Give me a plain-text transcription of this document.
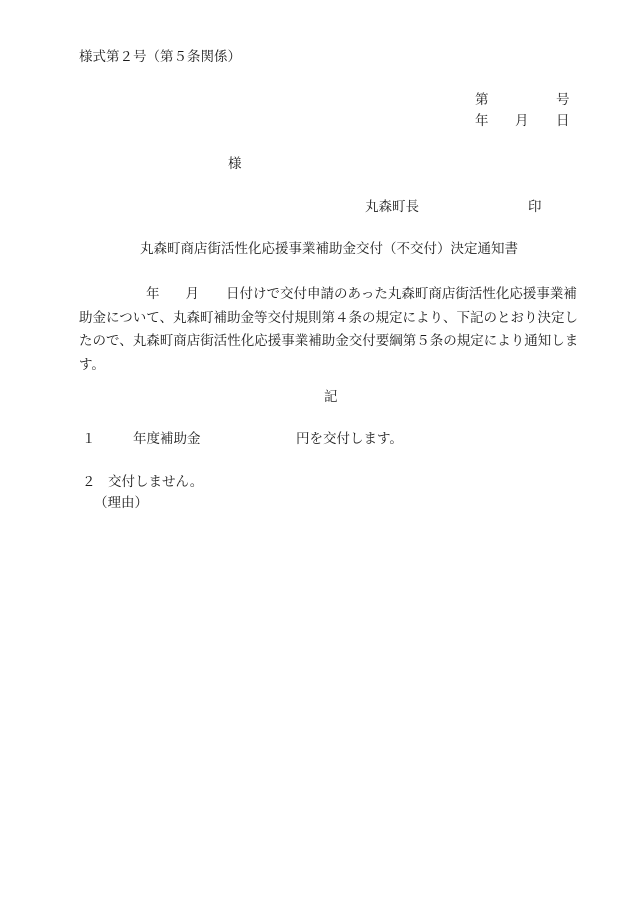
様式第２号（第５条関係）
第	号
年 月 日
様
丸森町長	印
丸森町商店街活性化応援事業補助金交付（不交付）決定通知書
年 月 日付けで交付申請のあった丸森町商店街活性化応援事業補
助金について、丸森町補助金等交付規則第４条の規定により、下記のとおり決定し
たので、丸森町商店街活性化応援事業補助金交付要綱第５条の規定により通知しま
す。
記
１	年度補助金	円を交付します。
２ 交付しません。
（理由）
